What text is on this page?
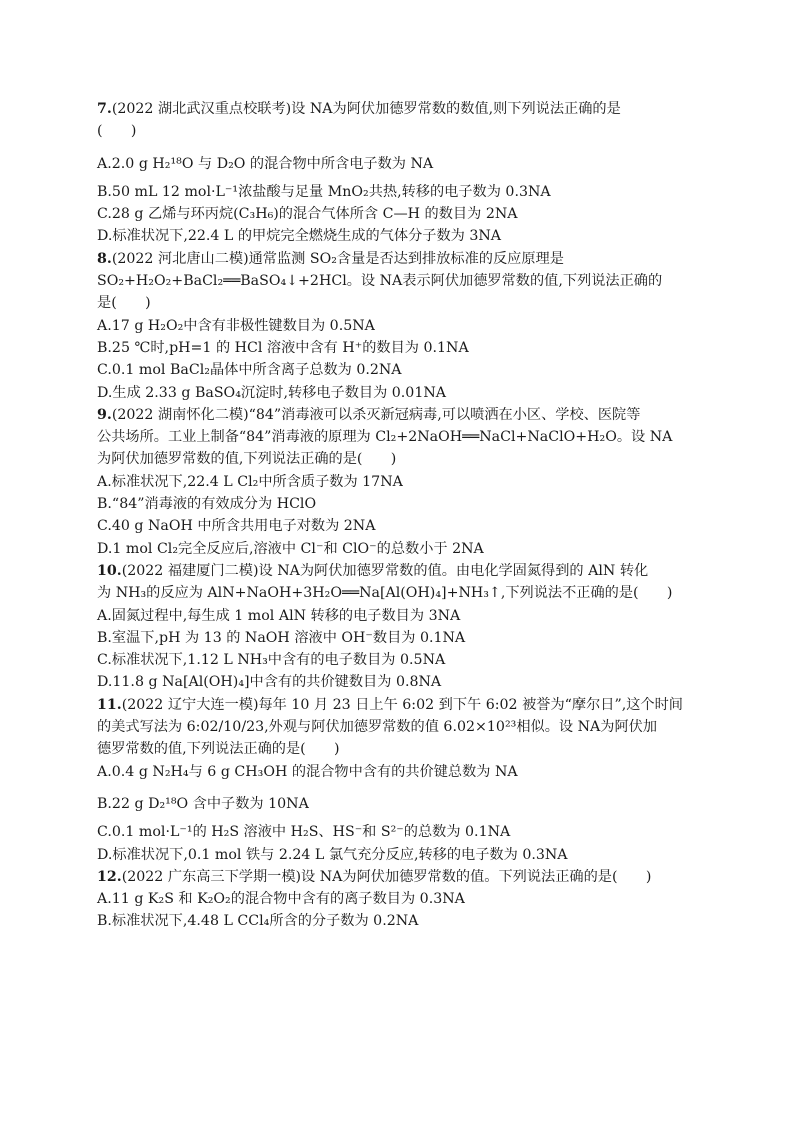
7.(2022 湖北武汉重点校联考)设 NA为阿伏加德罗常数的数值,则下列说法正确的是
(　　)
A.2.0 g H₂¹⁸O 与 D₂O 的混合物中所含电子数为 NA
B.50 mL 12 mol·L⁻¹浓盐酸与足量 MnO₂共热,转移的电子数为 0.3NA
C.28 g 乙烯与环丙烷(C₃H₆)的混合气体所含 C—H 的数目为 2NA
D.标准状况下,22.4 L 的甲烷完全燃烧生成的气体分子数为 3NA
8.(2022 河北唐山二模)通常监测 SO₂含量是否达到排放标准的反应原理是
SO₂+H₂O₂+BaCl₂══BaSO₄↓+2HCl。设 NA表示阿伏加德罗常数的值,下列说法正确的
是(　　)
A.17 g H₂O₂中含有非极性键数目为 0.5NA
B.25 ℃时,pH=1 的 HCl 溶液中含有 H⁺的数目为 0.1NA
C.0.1 mol BaCl₂晶体中所含离子总数为 0.2NA
D.生成 2.33 g BaSO₄沉淀时,转移电子数目为 0.01NA
9.(2022 湖南怀化二模)“84”消毒液可以杀灭新冠病毒,可以喷洒在小区、学校、医院等
公共场所。工业上制备“84”消毒液的原理为 Cl₂+2NaOH══NaCl+NaClO+H₂O。设 NA
为阿伏加德罗常数的值,下列说法正确的是(　　)
A.标准状况下,22.4 L Cl₂中所含质子数为 17NA
B.“84”消毒液的有效成分为 HClO
C.40 g NaOH 中所含共用电子对数为 2NA
D.1 mol Cl₂完全反应后,溶液中 Cl⁻和 ClO⁻的总数小于 2NA
10.(2022 福建厦门二模)设 NA为阿伏加德罗常数的值。由电化学固氮得到的 AlN 转化
为 NH₃的反应为 AlN+NaOH+3H₂O══Na[Al(OH)₄]+NH₃↑,下列说法不正确的是(　　)
A.固氮过程中,每生成 1 mol AlN 转移的电子数目为 3NA
B.室温下,pH 为 13 的 NaOH 溶液中 OH⁻数目为 0.1NA
C.标准状况下,1.12 L NH₃中含有的电子数目为 0.5NA
D.11.8 g Na[Al(OH)₄]中含有的共价键数目为 0.8NA
11.(2022 辽宁大连一模)每年 10 月 23 日上午 6:02 到下午 6:02 被誉为“摩尔日”,这个时间
的美式写法为 6:02/10/23,外观与阿伏加德罗常数的值 6.02×10²³相似。设 NA为阿伏加
德罗常数的值,下列说法正确的是(　　)
A.0.4 g N₂H₄与 6 g CH₃OH 的混合物中含有的共价键总数为 NA
B.22 g D₂¹⁸O 含中子数为 10NA
C.0.1 mol·L⁻¹的 H₂S 溶液中 H₂S、HS⁻和 S²⁻的总数为 0.1NA
D.标准状况下,0.1 mol 铁与 2.24 L 氯气充分反应,转移的电子数为 0.3NA
12.(2022 广东高三下学期一模)设 NA为阿伏加德罗常数的值。下列说法正确的是(　　)
A.11 g K₂S 和 K₂O₂的混合物中含有的离子数目为 0.3NA
B.标准状况下,4.48 L CCl₄所含的分子数为 0.2NA
